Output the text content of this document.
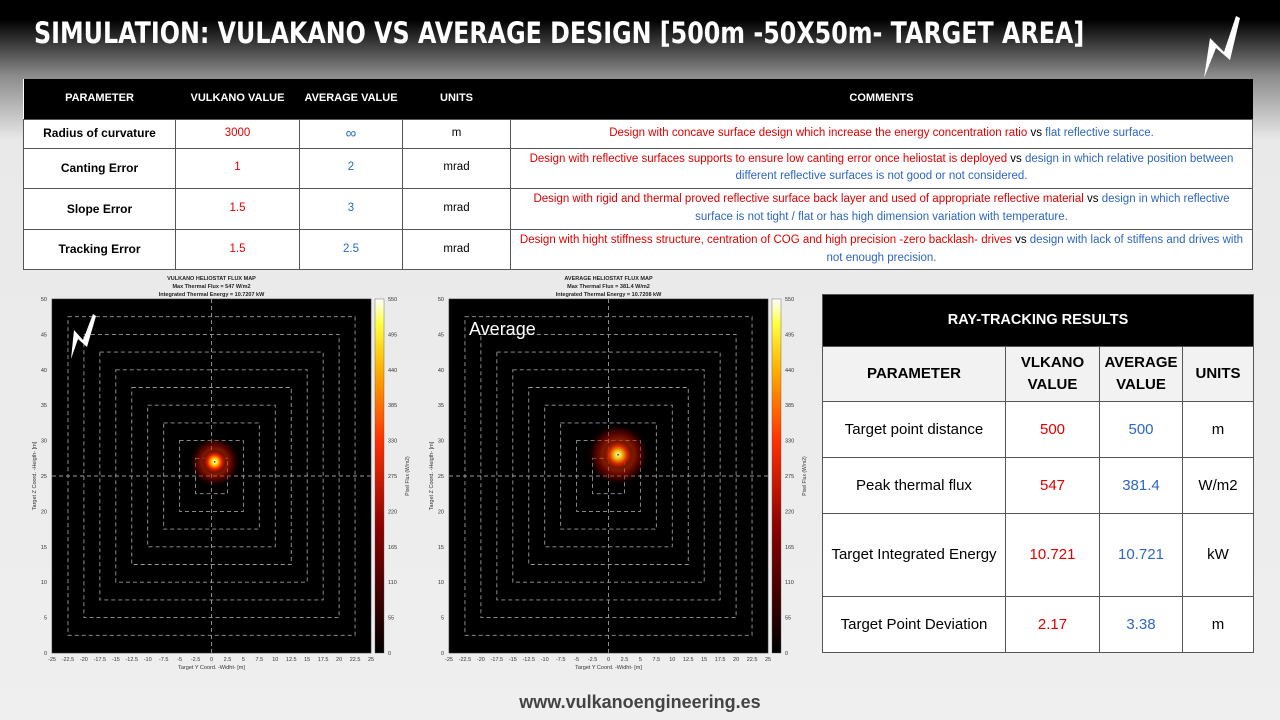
SIMULATION: VULAKANO VS AVERAGE DESIGN [500m -50X50m- TARGET AREA]
PARAMETER	VULKANO VALUE	AVERAGE VALUE	UNITS	COMMENTS
Radius of curvature	3000	∞	m	Design with concave surface design which increase the energy concentration ratio vs flat reflective surface.
Canting Error	1	2	mrad	Design with reflective surfaces supports to ensure low canting error once heliostat is deployed vs design in which relative position between different reflective surfaces is not good or not considered.
Slope Error	1.5	3	mrad	Design with rigid and thermal proved reflective surface back layer and used of appropriate reflective material vs design in which reflective surface is not tight / flat or has high dimension variation with temperature.
Tracking Error	1.5	2.5	mrad	Design with hight stiffness structure, centration of COG and high precision -zero backlash- drives vs design with lack of stiffens and drives with not enough precision.
VULKANO HELIOSTAT FLUX MAP
Max Thermal Flux = 547 W/m2
Integrated Thermal Energy = 10.7207 kW
-25 -22.5 -20 -17.5 -15 -12.5 -10 -7.5 -5 -2.5 0 2.5 5 7.5 10 12.5 15 17.5 20 22.5 25
0
5
10
15
20
25
30
35
40
45
50
Target Y Coord. -Widht- [m]
Target Z Coord. -Heigth- [m]
0
55
110
165
220
275
330
385
440
495
550
Pixel Flux (W/m2)
AVERAGE HELIOSTAT FLUX MAP
Max Thermal Flux = 381.4 W/m2
Integrated Thermal Energy = 10.7208 kW
-25 -22.5 -20 -17.5 -15 -12.5 -10 -7.5 -5 -2.5 0 2.5 5 7.5 10 12.5 15 17.5 20 22.5 25
0
5
10
15
20
25
30
35
40
45
50
Target Y Coord. -Widht- [m]
Target Z Coord. -Heigth- [m]
0
55
110
165
220
275
330
385
440
495
550
Pixel Flux (W/m2)
Average	RAY-TRACKING RESULTS			
PARAMETER	VLKANO VALUE	AVERAGE VALUE	UNITS
Target point distance	500	500	m
Peak thermal flux	547	381.4	W/m2
Target Integrated Energy	10.721	10.721	kW
Target Point Deviation	2.17	3.38	m
www.vulkanoengineering.es
